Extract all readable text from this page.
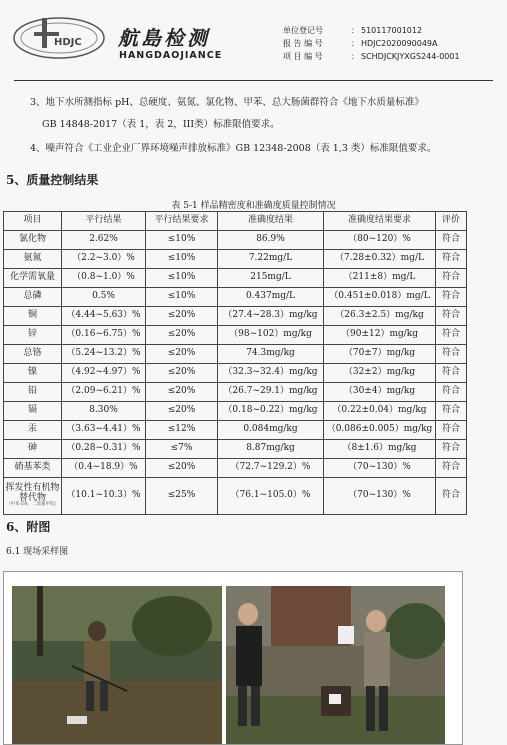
HDJC 航島检测
HANGDAOJIANCE
单位登记号	： 510117001012
报 告 编 号	： HDJC2020090049A
项 目 编 号	： SCHDJCKJYXGS244-0001
3、地下水所测指标 pH、总硬度、氨氮、氯化物、甲苯、总大肠菌群符合《地下水质量标准》
GB 14848-2017（表 1，表 2，III类）标准限值要求。
4、噪声符合《工业企业厂界环境噪声排放标准》GB 12348-2008（表 1,3 类）标准限值要求。
5、质量控制结果
表 5-1 样品精密度和准确度质量控制情况
项目	平行结果	平行结果要求	准确度结果	准确度结果要求	评价
氯化物	2.62%	≤10%	86.9%	（80~120）%	符合
氨氮	（2.2~3.0）%	≤10%	7.22mg/L	（7.28±0.32）mg/L	符合
化学需氧量	（0.8~1.0）%	≤10%	215mg/L	（211±8）mg/L	符合
总磷	0.5%	≤10%	0.437mg/L	（0.451±0.018）mg/L	符合
铜	（4.44~5.63）%	≤20%	（27.4~28.3）mg/kg	（26.3±2.5）mg/kg	符合
锌	（0.16~6.75）%	≤20%	（98~102）mg/kg	（90±12）mg/kg	符合
总铬	（5.24~13.2）%	≤20%	74.3mg/kg	（70±7）mg/kg	符合
镍	（4.92~4.97）%	≤20%	（32.3~32.4）mg/kg	（32±2）mg/kg	符合
铅	（2.09~6.21）%	≤20%	（26.7~29.1）mg/kg	（30±4）mg/kg	符合
镉	8.30%	≤20%	（0.18~0.22）mg/kg	（0.22±0.04）mg/kg	符合
汞	（3.63~4.41）%	≤12%	0.084mg/kg	（0.086±0.005）mg/kg	符合
砷	（0.28~0.31）%	≤7%	8.87mg/kg	（8±1.6）mg/kg	符合
硝基苯类	（0.4~18.9）%	≤20%	（72.7~129.2）%	（70~130）%	符合
挥发性有机物替代物
（甲苯-D8，二溴氟甲烷）	（10.1~10.3）%	≤25%	（76.1~105.0）%	（70~130）%	符合
6、附图
6.1 现场采样图
